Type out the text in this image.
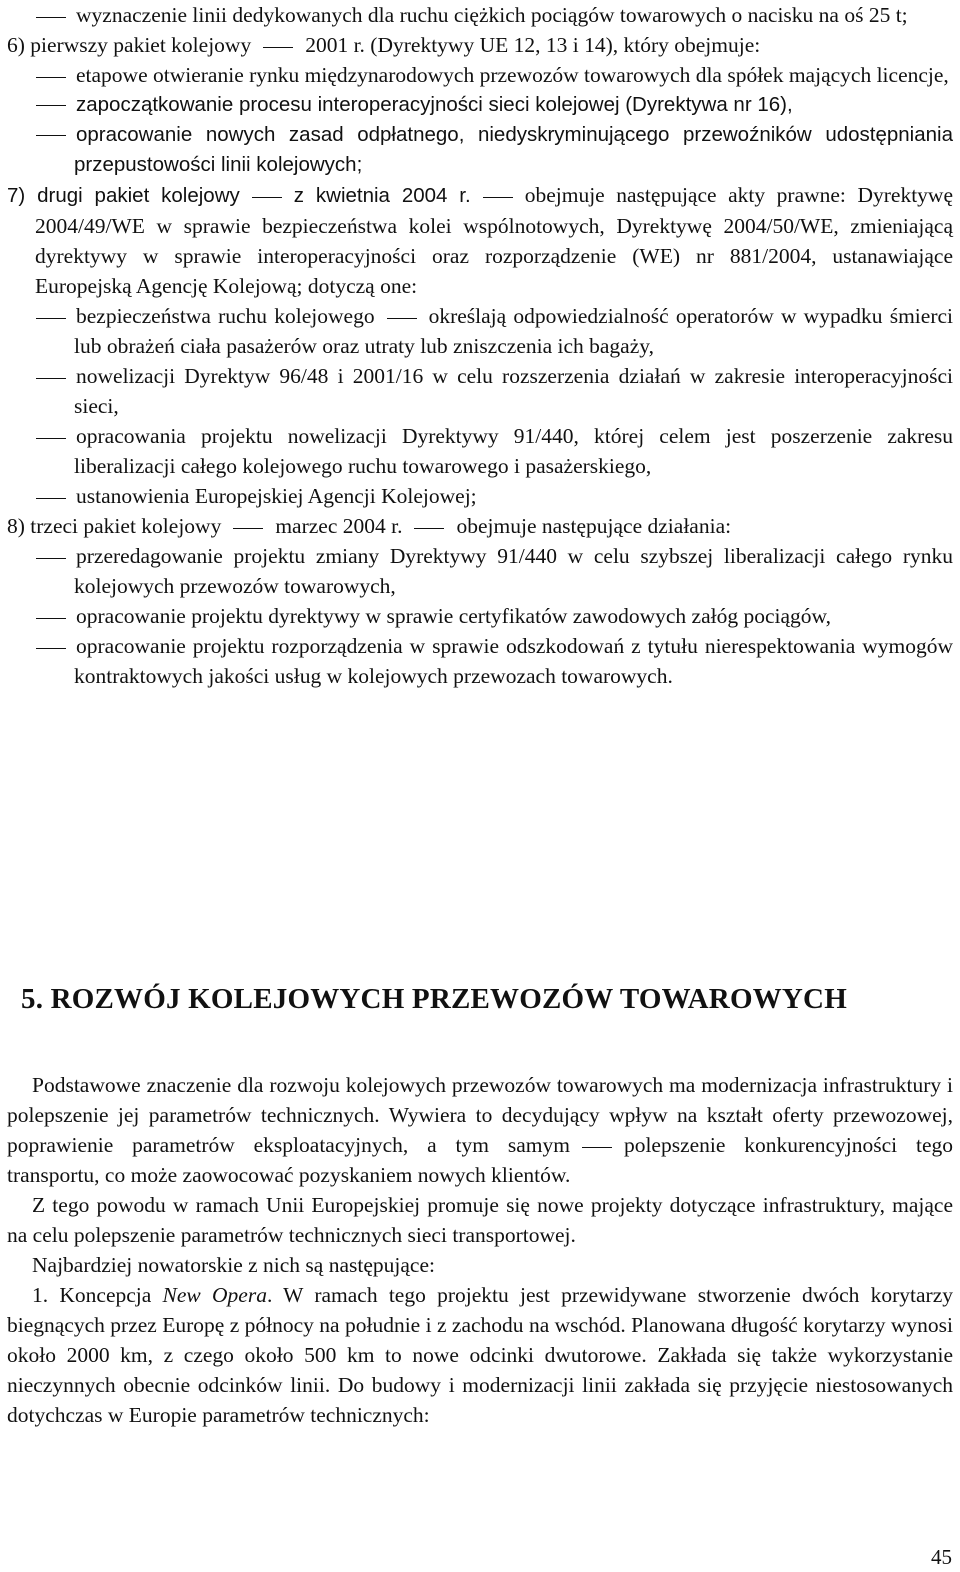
wyznaczenie linii dedykowanych dla ruchu ciężkich pociągów towarowych o nacisku na oś 25 t;

6) pierwszy pakiet kolejowy	2001 r. (Dyrektywy UE 12, 13 i 14), który obejmuje:

etapowe otwieranie rynku międzynarodowych przewozów towarowych dla spółek mających licencje,

zapoczątkowanie procesu interoperacyjności sieci kolejowej (Dyrektywa nr 16),

opracowanie nowych zasad odpłatnego, niedyskryminującego przewoźników udostępniania przepustowości linii kolejowych;

7) drugi pakiet kolejowy	z kwietnia 2004 r.	obejmuje następujące akty prawne: Dyrektywę 2004/49/WE w sprawie bezpieczeństwa kolei wspólnotowych, Dyrektywę 2004/50/WE, zmieniającą dyrektywy w sprawie interoperacyjności oraz rozporządzenie (WE) nr 881/2004, ustanawiające Europejską Agencję Kolejową; dotyczą one:

bezpieczeństwa ruchu kolejowego	określają odpowiedzialność operatorów w wypadku śmierci lub obrażeń ciała pasażerów oraz utraty lub zniszczenia ich bagaży,

nowelizacji Dyrektyw 96/48 i 2001/16 w celu rozszerzenia działań w zakresie interoperacyjności sieci,

opracowania projektu nowelizacji Dyrektywy 91/440, której celem jest poszerzenie zakresu liberalizacji całego kolejowego ruchu towarowego i pasażerskiego,

ustanowienia Europejskiej Agencji Kolejowej;

8) trzeci pakiet kolejowy	marzec 2004 r.	obejmuje następujące działania:

przeredagowanie projektu zmiany Dyrektywy 91/440 w celu szybszej liberalizacji całego rynku kolejowych przewozów towarowych,

opracowanie projektu dyrektywy w sprawie certyfikatów zawodowych załóg pociągów,

opracowanie projektu rozporządzenia w sprawie odszkodowań z tytułu nierespektowania wymogów kontraktowych jakości usług w kolejowych przewozach towarowych.

5. ROZWÓJ KOLEJOWYCH PRZEWOZÓW TOWAROWYCH

Podstawowe znaczenie dla rozwoju kolejowych przewozów towarowych ma modernizacja infrastruktury i polepszenie jej parametrów technicznych. Wywiera to decydujący wpływ na kształt oferty przewozowej, poprawienie parametrów eksploatacyjnych, a tym samym	polepszenie konkurencyjności tego transportu, co może zaowocować pozyskaniem nowych klientów.

Z tego powodu w ramach Unii Europejskiej promuje się nowe projekty dotyczące infrastruktury, mające na celu polepszenie parametrów technicznych sieci transportowej.

Najbardziej nowatorskie z nich są następujące:

1. Koncepcja New Opera. W ramach tego projektu jest przewidywane stworzenie dwóch korytarzy biegnących przez Europę z północy na południe i z zachodu na wschód. Planowana długość korytarzy wynosi około 2000 km, z czego około 500 km to nowe odcinki dwutorowe. Zakłada się także wykorzystanie nieczynnych obecnie odcinków linii. Do budowy i modernizacji linii zakłada się przyjęcie niestosowanych dotychczas w Europie parametrów technicznych:

45
